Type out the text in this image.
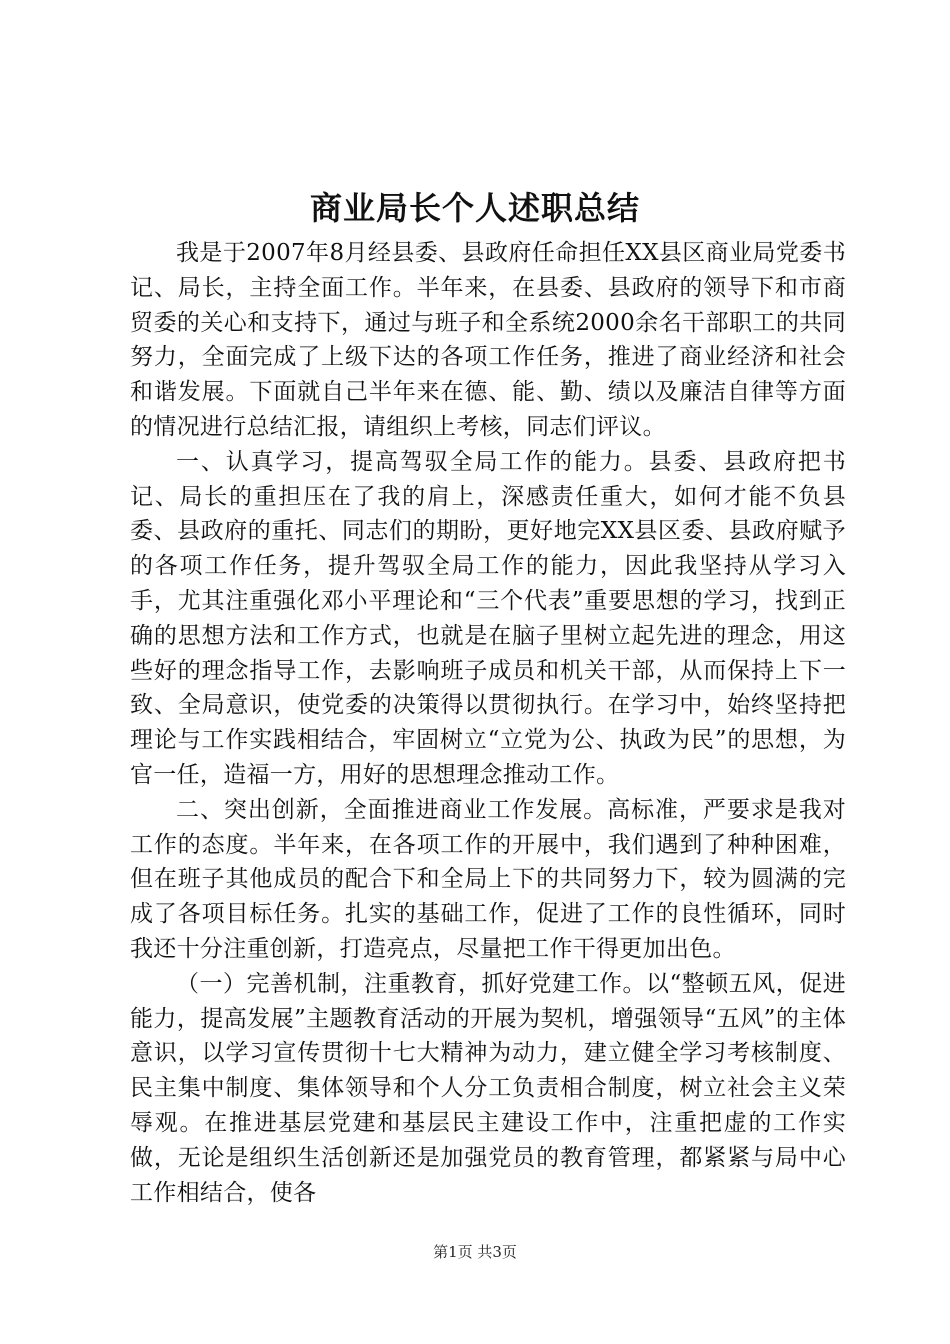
商业局长个人述职总结

我是于2007年8月经县委、县政府任命担任XX县区商业局党委书记、局长，主持全面工作。半年来，在县委、县政府的领导下和市商贸委的关心和支持下，通过与班子和全系统2000余名干部职工的共同努力，全面完成了上级下达的各项工作任务，推进了商业经济和社会和谐发展。下面就自己半年来在德、能、勤、绩以及廉洁自律等方面的情况进行总结汇报，请组织上考核，同志们评议。

一、认真学习，提高驾驭全局工作的能力。县委、县政府把书记、局长的重担压在了我的肩上，深感责任重大，如何才能不负县委、县政府的重托、同志们的期盼，更好地完XX县区委、县政府赋予的各项工作任务，提升驾驭全局工作的能力，因此我坚持从学习入手，尤其注重强化邓小平理论和“三个代表”重要思想的学习，找到正确的思想方法和工作方式，也就是在脑子里树立起先进的理念，用这些好的理念指导工作，去影响班子成员和机关干部，从而保持上下一致、全局意识，使党委的决策得以贯彻执行。在学习中，始终坚持把理论与工作实践相结合，牢固树立“立党为公、执政为民”的思想，为官一任，造福一方，用好的思想理念推动工作。

二、突出创新，全面推进商业工作发展。高标准，严要求是我对工作的态度。半年来，在各项工作的开展中，我们遇到了种种困难，但在班子其他成员的配合下和全局上下的共同努力下，较为圆满的完成了各项目标任务。扎实的基础工作，促进了工作的良性循环，同时我还十分注重创新，打造亮点，尽量把工作干得更加出色。

（一）完善机制，注重教育，抓好党建工作。以“整顿五风，促进能力，提高发展”主题教育活动的开展为契机，增强领导“五风”的主体意识，以学习宣传贯彻十七大精神为动力，建立健全学习考核制度、民主集中制度、集体领导和个人分工负责相合制度，树立社会主义荣辱观。在推进基层党建和基层民主建设工作中，注重把虚的工作实做，无论是组织生活创新还是加强党员的教育管理，都紧紧与局中心工作相结合，使各

第1页 共3页
